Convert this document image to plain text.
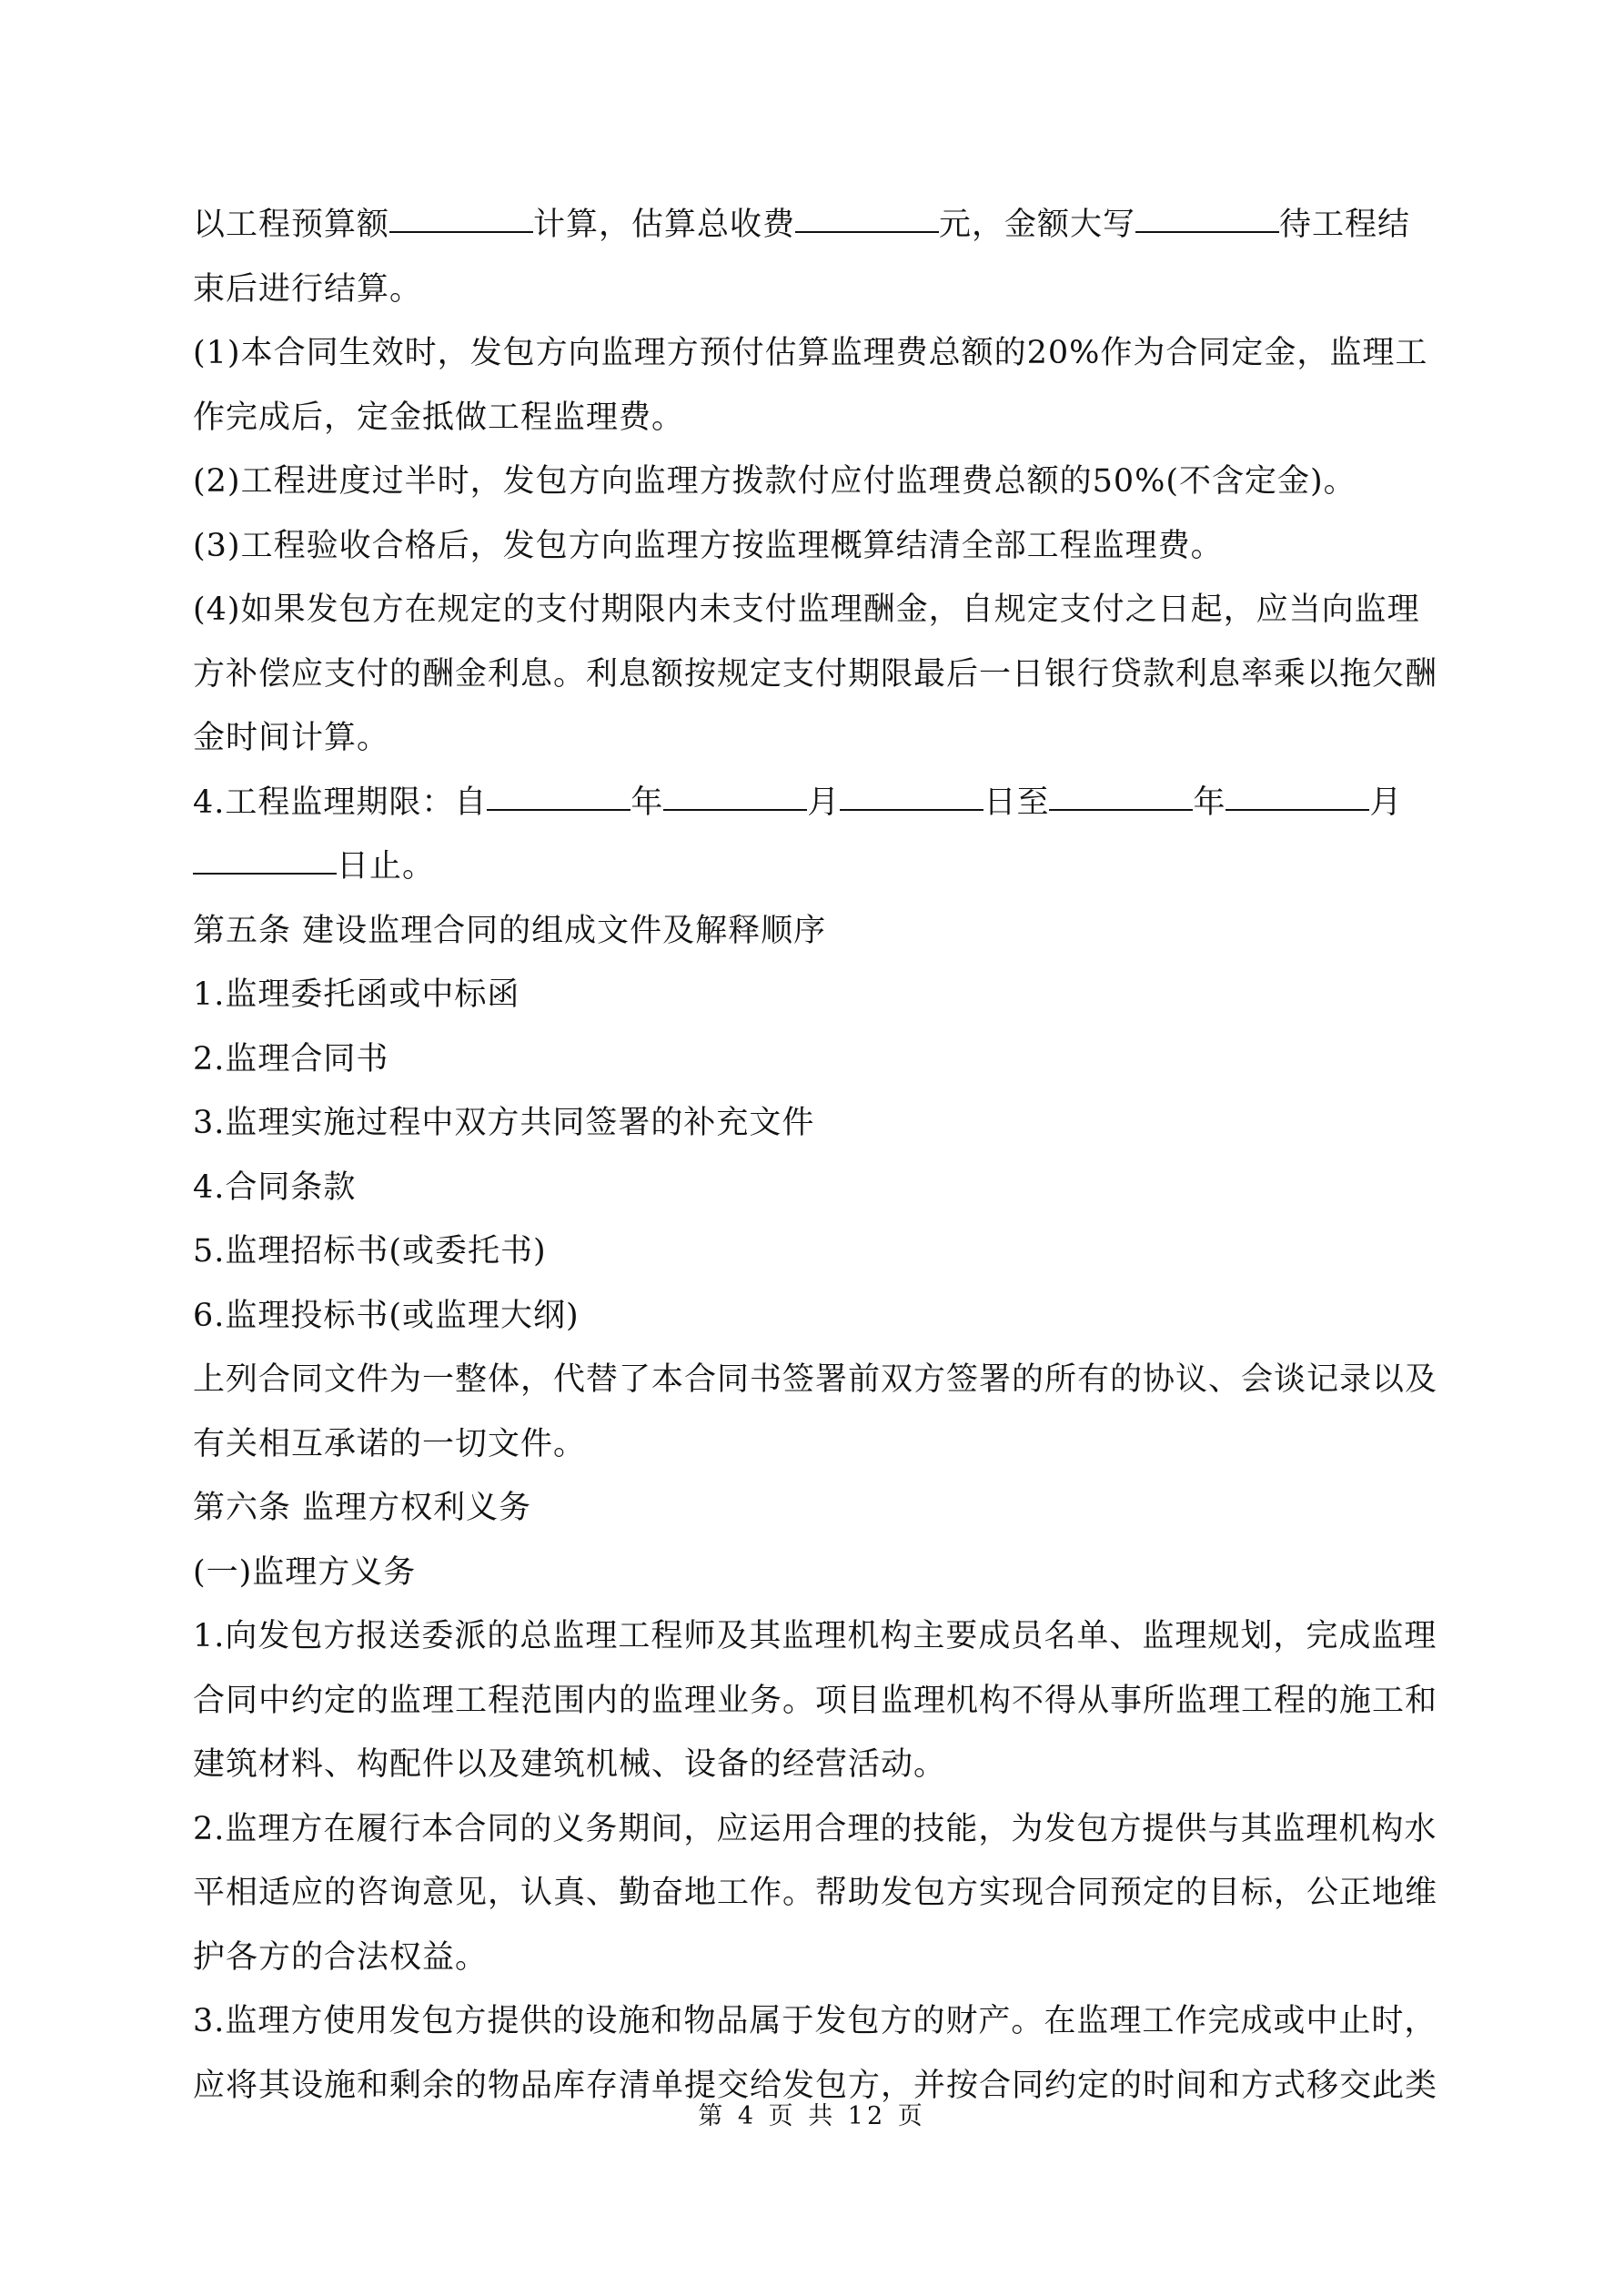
以工程预算额	计算，估算总收费	元，金额大写	待工程结束后进行结算。

(1)本合同生效时，发包方向监理方预付估算监理费总额的20%作为合同定金，监理工作完成后，定金抵做工程监理费。

(2)工程进度过半时，发包方向监理方拨款付应付监理费总额的50%(不含定金)。

(3)工程验收合格后，发包方向监理方按监理概算结清全部工程监理费。

(4)如果发包方在规定的支付期限内未支付监理酬金，自规定支付之日起，应当向监理方补偿应支付的酬金利息。利息额按规定支付期限最后一日银行贷款利息率乘以拖欠酬金时间计算。

4.工程监理期限：自	年	月	日至	年	月日止。

第五条 建设监理合同的组成文件及解释顺序

1.监理委托函或中标函

2.监理合同书

3.监理实施过程中双方共同签署的补充文件

4.合同条款

5.监理招标书(或委托书)

6.监理投标书(或监理大纲)

上列合同文件为一整体，代替了本合同书签署前双方签署的所有的协议、会谈记录以及有关相互承诺的一切文件。

第六条 监理方权利义务

(一)监理方义务

1.向发包方报送委派的总监理工程师及其监理机构主要成员名单、监理规划，完成监理合同中约定的监理工程范围内的监理业务。项目监理机构不得从事所监理工程的施工和建筑材料、构配件以及建筑机械、设备的经营活动。

2.监理方在履行本合同的义务期间，应运用合理的技能，为发包方提供与其监理机构水平相适应的咨询意见，认真、勤奋地工作。帮助发包方实现合同预定的目标，公正地维护各方的合法权益。

3.监理方使用发包方提供的设施和物品属于发包方的财产。在监理工作完成或中止时，应将其设施和剩余的物品库存清单提交给发包方，并按合同约定的时间和方式移交此类

第 4 页 共 12 页
